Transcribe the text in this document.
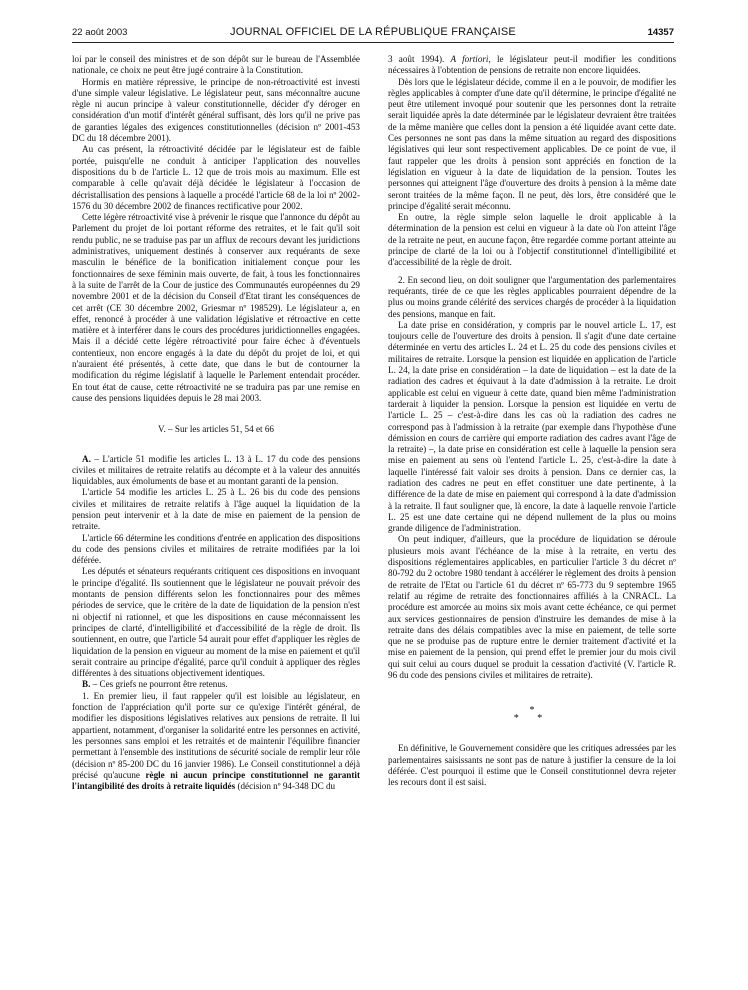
22 août 2003	JOURNAL OFFICIEL DE LA RÉPUBLIQUE FRANÇAISE	14357

loi par le conseil des ministres et de son dépôt sur le bureau de l'Assemblée nationale, ce choix ne peut être jugé contraire à la Constitution.

Hormis en matière répressive, le principe de non-rétroactivité est investi d'une simple valeur législative. Le législateur peut, sans méconnaître aucune règle ni aucun principe à valeur constitutionnelle, décider d'y déroger en considération d'un motif d'intérêt général suffisant, dès lors qu'il ne prive pas de garanties légales des exigences constitutionnelles (décision nº 2001-453 DC du 18 décembre 2001).

Au cas présent, la rétroactivité décidée par le législateur est de faible portée, puisqu'elle ne conduit à anticiper l'application des nouvelles dispositions du b de l'article L. 12 que de trois mois au maximum. Elle est comparable à celle qu'avait déjà décidée le législateur à l'occasion de décristallisation des pensions à laquelle a procédé l'article 68 de la loi nº 2002-1576 du 30 décembre 2002 de finances rectificative pour 2002.

Cette légère rétroactivité vise à prévenir le risque que l'annonce du dépôt au Parlement du projet de loi portant réforme des retraites, et le fait qu'il soit rendu public, ne se traduise pas par un afflux de recours devant les juridictions administratives, uniquement destinés à conserver aux requérants de sexe masculin le bénéfice de la bonification initialement conçue pour les fonctionnaires de sexe féminin mais ouverte, de fait, à tous les fonctionnaires à la suite de l'arrêt de la Cour de justice des Communautés européennes du 29 novembre 2001 et de la décision du Conseil d'Etat tirant les conséquences de cet arrêt (CE 30 décembre 2002, Griesmar nº 198529). Le législateur a, en effet, renoncé à procéder à une validation législative et rétroactive en cette matière et à interférer dans le cours des procédures juridictionnelles engagées. Mais il a décidé cette légère rétroactivité pour faire échec à d'éventuels contentieux, non encore engagés à la date du dépôt du projet de loi, et qui n'auraient été présentés, à cette date, que dans le but de contourner la modification du régime législatif à laquelle le Parlement entendait procéder. En tout état de cause, cette rétroactivité ne se traduira pas par une remise en cause des pensions liquidées depuis le 28 mai 2003.

V. – Sur les articles 51, 54 et 66

A. – L'article 51 modifie les articles L. 13 à L. 17 du code des pensions civiles et militaires de retraite relatifs au décompte et à la valeur des annuités liquidables, aux émoluments de base et au montant garanti de la pension.

L'article 54 modifie les articles L. 25 à L. 26 bis du code des pensions civiles et militaires de retraite relatifs à l'âge auquel la liquidation de la pension peut intervenir et à la date de mise en paiement de la pension de retraite.

L'article 66 détermine les conditions d'entrée en application des dispositions du code des pensions civiles et militaires de retraite modifiées par la loi déférée.

Les députés et sénateurs requérants critiquent ces dispositions en invoquant le principe d'égalité. Ils soutiennent que le législateur ne pouvait prévoir des montants de pension différents selon les fonctionnaires pour des mêmes périodes de service, que le critère de la date de liquidation de la pension n'est ni objectif ni rationnel, et que les dispositions en cause méconnaissent les principes de clarté, d'intelligibilité et d'accessibilité de la règle de droit. Ils soutiennent, en outre, que l'article 54 aurait pour effet d'appliquer les règles de liquidation de la pension en vigueur au moment de la mise en paiement et qu'il serait contraire au principe d'égalité, parce qu'il conduit à appliquer des règles différentes à des situations objectivement identiques.

B. – Ces griefs ne pourront être retenus.

1. En premier lieu, il faut rappeler qu'il est loisible au législateur, en fonction de l'appréciation qu'il porte sur ce qu'exige l'intérêt général, de modifier les dispositions législatives relatives aux pensions de retraite. Il lui appartient, notamment, d'organiser la solidarité entre les personnes en activité, les personnes sans emploi et les retraités et de maintenir l'équilibre financier permettant à l'ensemble des institutions de sécurité sociale de remplir leur rôle (décision nº 85-200 DC du 16 janvier 1986). Le Conseil constitutionnel a déjà précisé qu'aucune règle ni aucun principe constitutionnel ne garantit l'intangibilité des droits à retraite liquidés (décision nº 94-348 DC du

3 août 1994). A fortiori, le législateur peut-il modifier les conditions nécessaires à l'obtention de pensions de retraite non encore liquidées.

Dès lors que le législateur décide, comme il en a le pouvoir, de modifier les règles applicables à compter d'une date qu'il détermine, le principe d'égalité ne peut être utilement invoqué pour soutenir que les personnes dont la retraite serait liquidée après la date déterminée par le législateur devraient être traitées de la même manière que celles dont la pension a été liquidée avant cette date. Ces personnes ne sont pas dans la même situation au regard des dispositions législatives qui leur sont respectivement applicables. De ce point de vue, il faut rappeler que les droits à pension sont appréciés en fonction de la législation en vigueur à la date de liquidation de la pension. Toutes les personnes qui atteignent l'âge d'ouverture des droits à pension à la même date seront traitées de la même façon. Il ne peut, dès lors, être considéré que le principe d'égalité serait méconnu.

En outre, la règle simple selon laquelle le droit applicable à la détermination de la pension est celui en vigueur à la date où l'on atteint l'âge de la retraite ne peut, en aucune façon, être regardée comme portant atteinte au principe de clarté de la loi ou à l'objectif constitutionnel d'intelligibilité et d'accessibilité de la règle de droit.

2. En second lieu, on doit souligner que l'argumentation des parlementaires requérants, tirée de ce que les règles applicables pourraient dépendre de la plus ou moins grande célérité des services chargés de procéder à la liquidation des pensions, manque en fait.

La date prise en considération, y compris par le nouvel article L. 17, est toujours celle de l'ouverture des droits à pension. Il s'agit d'une date certaine déterminée en vertu des articles L. 24 et L. 25 du code des pensions civiles et militaires de retraite. Lorsque la pension est liquidée en application de l'article L. 24, la date prise en considération – la date de liquidation – est la date de la radiation des cadres et équivaut à la date d'admission à la retraite. Le droit applicable est celui en vigueur à cette date, quand bien même l'administration tarderait à liquider la pension. Lorsque la pension est liquidée en vertu de l'article L. 25 – c'est-à-dire dans les cas où la radiation des cadres ne correspond pas à l'admission à la retraite (par exemple dans l'hypothèse d'une démission en cours de carrière qui emporte radiation des cadres avant l'âge de la retraite) –, la date prise en considération est celle à laquelle la pension sera mise en paiement au sens où l'entend l'article L. 25, c'est-à-dire la date à laquelle l'intéressé fait valoir ses droits à pension. Dans ce dernier cas, la radiation des cadres ne peut en effet constituer une date pertinente, à la différence de la date de mise en paiement qui correspond à la date d'admission à la retraite. Il faut souligner que, là encore, la date à laquelle renvoie l'article L. 25 est une date certaine qui ne dépend nullement de la plus ou moins grande diligence de l'administration.

On peut indiquer, d'ailleurs, que la procédure de liquidation se déroule plusieurs mois avant l'échéance de la mise à la retraite, en vertu des dispositions réglementaires applicables, en particulier l'article 3 du décret nº 80-792 du 2 octobre 1980 tendant à accélérer le règlement des droits à pension de retraite de l'Etat ou l'article 61 du décret nº 65-773 du 9 septembre 1965 relatif au régime de retraite des fonctionnaires affiliés à la CNRACL. La procédure est amorcée au moins six mois avant cette échéance, ce qui permet aux services gestionnaires de pension d'instruire les demandes de mise à la retraite dans des délais compatibles avec la mise en paiement, de telle sorte que ne se produise pas de rupture entre le dernier traitement d'activité et la mise en paiement de la pension, qui prend effet le premier jour du mois civil qui suit celui au cours duquel se produit la cessation d'activité (V. l'article R. 96 du code des pensions civiles et militaires de retraite).

*
* *

En définitive, le Gouvernement considère que les critiques adressées par les parlementaires saisissants ne sont pas de nature à justifier la censure de la loi déférée. C'est pourquoi il estime que le Conseil constitutionnel devra rejeter les recours dont il est saisi.
